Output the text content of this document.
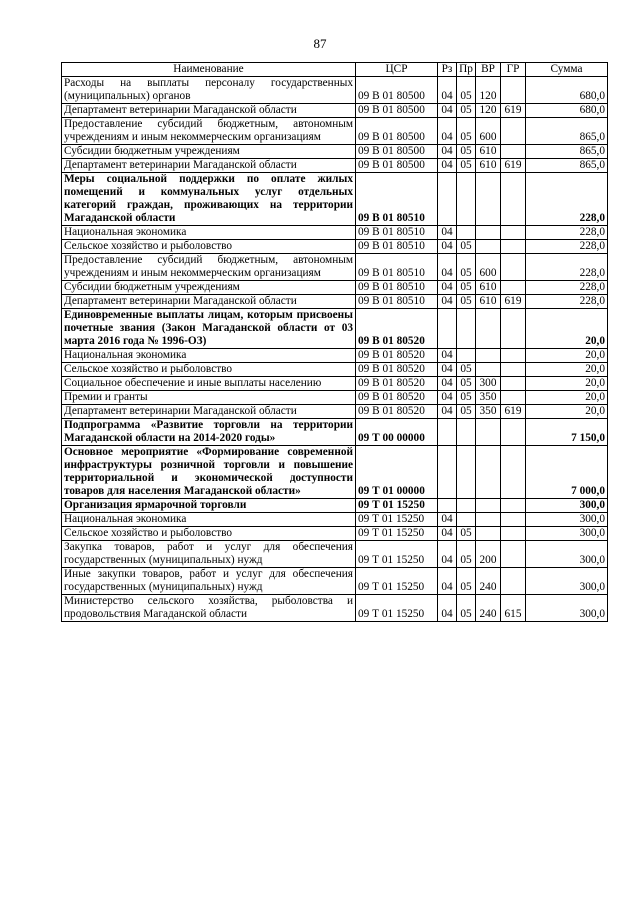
87
Наименование	ЦСР	Рз	Пр	ВР	ГР	Сумма
Расходы на выплаты персоналу государственных (муниципальных) органов	09 В 01 80500	04	05	120		680,0
Департамент ветеринарии Магаданской области	09 В 01 80500	04	05	120	619	680,0
Предоставление субсидий бюджетным, автономным учреждениям и иным некоммерческим организациям	09 В 01 80500	04	05	600		865,0
Субсидии бюджетным учреждениям	09 В 01 80500	04	05	610		865,0
Департамент ветеринарии Магаданской области	09 В 01 80500	04	05	610	619	865,0
Меры социальной поддержки по оплате жилых помещений и коммунальных услуг отдельных категорий граждан, проживающих на территории Магаданской области	09 В 01 80510					228,0
Национальная экономика	09 В 01 80510	04				228,0
Сельское хозяйство и рыболовство	09 В 01 80510	04	05			228,0
Предоставление субсидий бюджетным, автономным учреждениям и иным некоммерческим организациям	09 В 01 80510	04	05	600		228,0
Субсидии бюджетным учреждениям	09 В 01 80510	04	05	610		228,0
Департамент ветеринарии Магаданской области	09 В 01 80510	04	05	610	619	228,0
Единовременные выплаты лицам, которым присвоены почетные звания (Закон Магаданской области от 03 марта 2016 года № 1996-ОЗ)	09 В 01 80520					20,0
Национальная экономика	09 В 01 80520	04				20,0
Сельское хозяйство и рыболовство	09 В 01 80520	04	05			20,0
Социальное обеспечение и иные выплаты населению	09 В 01 80520	04	05	300		20,0
Премии и гранты	09 В 01 80520	04	05	350		20,0
Департамент ветеринарии Магаданской области	09 В 01 80520	04	05	350	619	20,0
Подпрограмма «Развитие торговли на территории Магаданской области на 2014-2020 годы»	09 Т 00 00000					7 150,0
Основное мероприятие «Формирование современной инфраструктуры розничной торговли и повышение территориальной и экономической доступности товаров для населения Магаданской области»	09 Т 01 00000					7 000,0
Организация ярмарочной торговли	09 Т 01 15250					300,0
Национальная экономика	09 Т 01 15250	04				300,0
Сельское хозяйство и рыболовство	09 Т 01 15250	04	05			300,0
Закупка товаров, работ и услуг для обеспечения государственных (муниципальных) нужд	09 Т 01 15250	04	05	200		300,0
Иные закупки товаров, работ и услуг для обеспечения государственных (муниципальных) нужд	09 Т 01 15250	04	05	240		300,0
Министерство сельского хозяйства, рыболовства и продовольствия Магаданской области	09 Т 01 15250	04	05	240	615	300,0
